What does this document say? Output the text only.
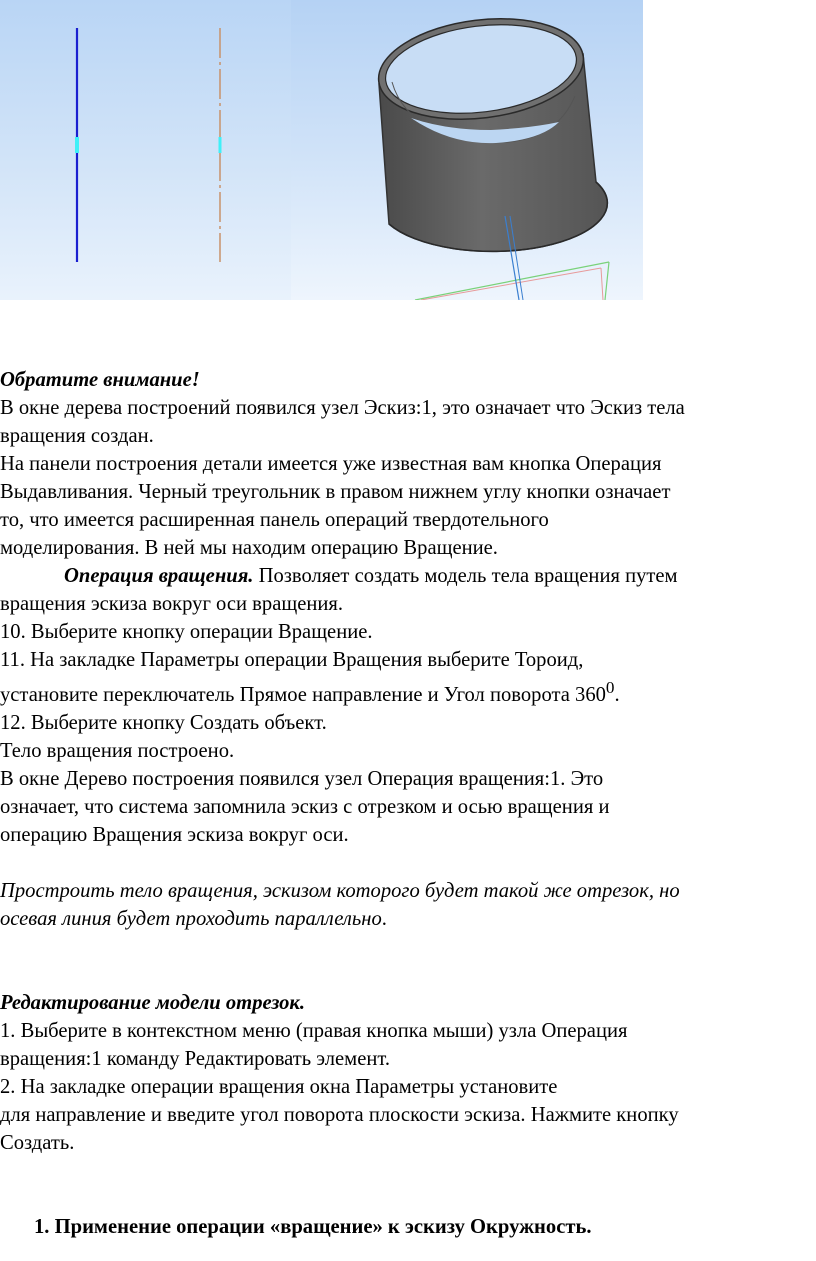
Обратите внимание!

В окне дерева построений появился узел Эскиз:1, это означает что Эскиз тела

вращения создан.

На панели построения детали имеется уже известная вам кнопка Операция

Выдавливания. Черный треугольник в правом нижнем углу кнопки означает

то, что имеется расширенная панель операций твердотельного

моделирования. В ней мы находим операцию Вращение.

Операция вращения. Позволяет создать модель тела вращения путем

вращения эскиза вокруг оси вращения.

10. Выберите кнопку операции Вращение.

11. На закладке Параметры операции Вращения выберите Тороид,

установите переключатель Прямое направление и Угол поворота $360^0$.

12. Выберите кнопку Создать объект.

Тело вращения построено.

В окне Дерево построения появился узел Операция вращения:1. Это

означает, что система запомнила эскиз с отрезком и осью вращения и

операцию Вращения эскиза вокруг оси.

Простроить тело вращения, эскизом которого будет такой же отрезок, но

осевая линия будет проходить параллельно.

Редактирование модели отрезок.

1. Выберите в контекстном меню (правая кнопка мыши) узла Операция

вращения:1 команду Редактировать элемент.

2. На закладке операции вращения окна Параметры установите

для направление и введите угол поворота плоскости эскиза. Нажмите кнопку

Создать.

1. Применение операции «вращение» к эскизу Окружность.
